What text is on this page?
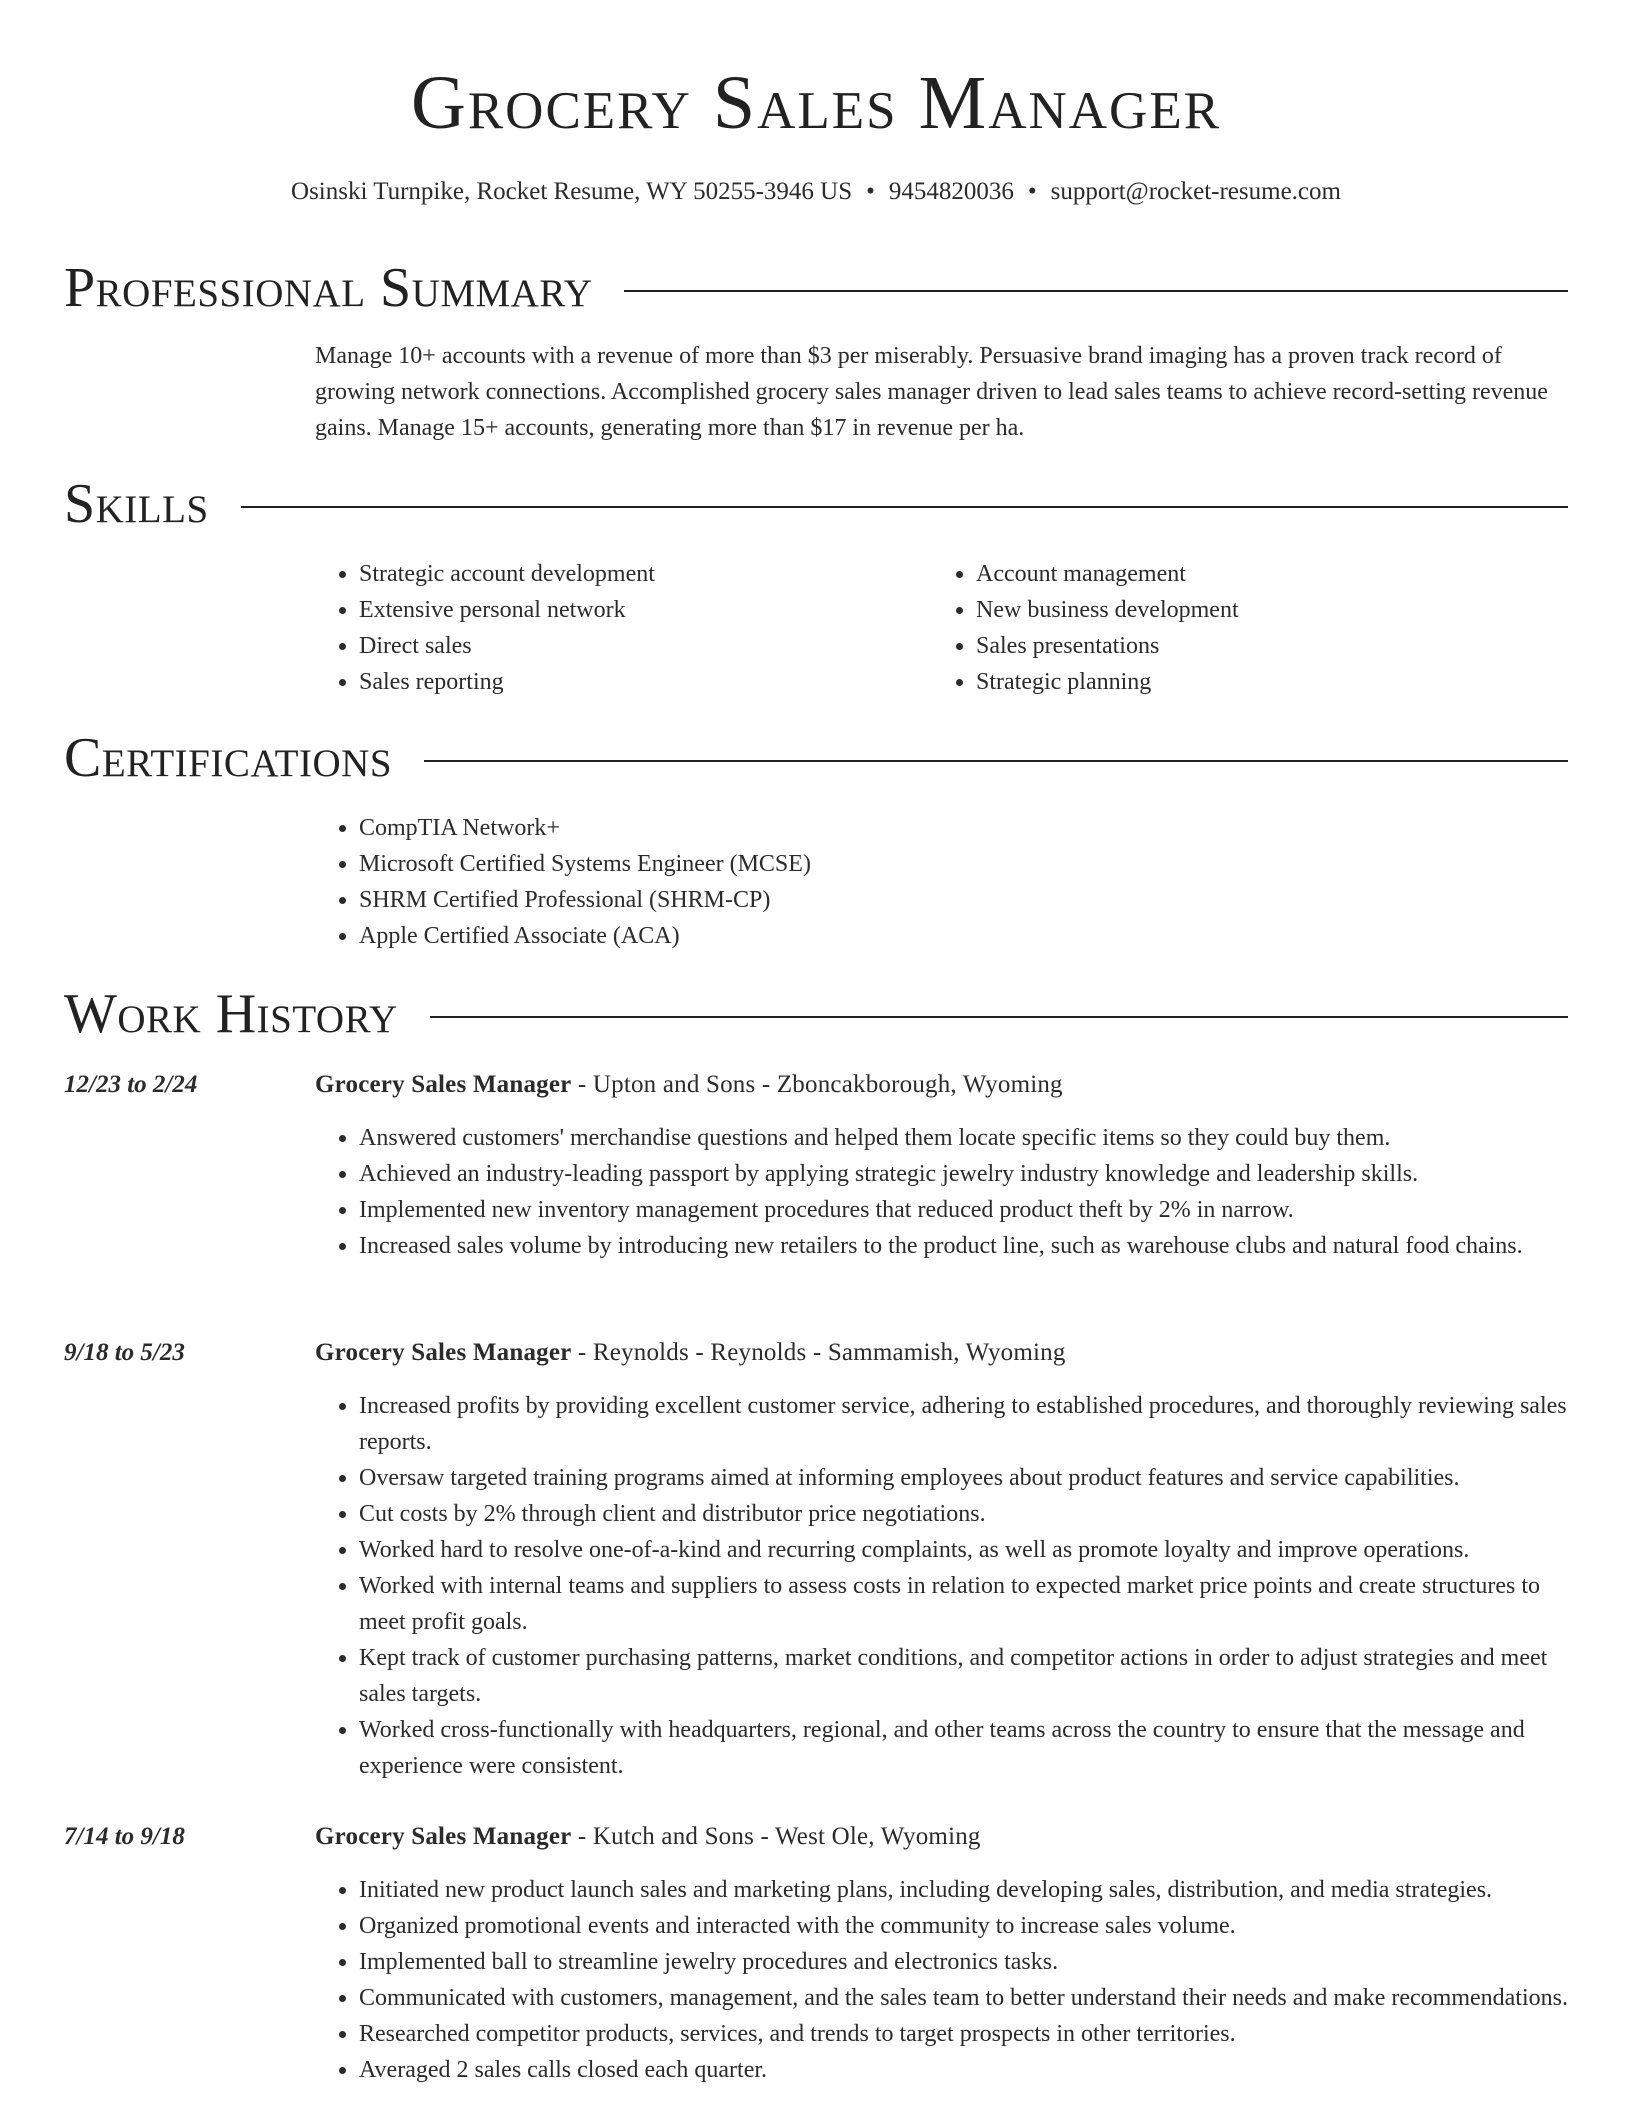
Grocery Sales Manager
Osinski Turnpike, Rocket Resume, WY 50255-3946 US • 9454820036 • support@rocket-resume.com
Professional Summary

Manage 10+ accounts with a revenue of more than $3 per miserably. Persuasive brand imaging has a proven track record of growing network connections. Accomplished grocery sales manager driven to lead sales teams to achieve record-setting revenue gains. Manage 15+ accounts, generating more than $17 in revenue per ha.

Skills
• Strategic account development
• Extensive personal network
• Direct sales
• Sales reporting
• Account management
• New business development
• Sales presentations
• Strategic planning
Certifications
• CompTIA Network+
• Microsoft Certified Systems Engineer (MCSE)
• SHRM Certified Professional (SHRM-CP)
• Apple Certified Associate (ACA)
Work History
12/23 to 2/24	Grocery Sales Manager - Upton and Sons - Zboncakborough, Wyoming
• Answered customers' merchandise questions and helped them locate specific items so they could buy them.
• Achieved an industry-leading passport by applying strategic jewelry industry knowledge and leadership skills.
• Implemented new inventory management procedures that reduced product theft by 2% in narrow.
• Increased sales volume by introducing new retailers to the product line, such as warehouse clubs and natural food chains.
9/18 to 5/23	Grocery Sales Manager - Reynolds - Reynolds - Sammamish, Wyoming
• Increased profits by providing excellent customer service, adhering to established procedures, and thoroughly reviewing sales reports.
• Oversaw targeted training programs aimed at informing employees about product features and service capabilities.
• Cut costs by 2% through client and distributor price negotiations.
• Worked hard to resolve one-of-a-kind and recurring complaints, as well as promote loyalty and improve operations.
• Worked with internal teams and suppliers to assess costs in relation to expected market price points and create structures to meet profit goals.
• Kept track of customer purchasing patterns, market conditions, and competitor actions in order to adjust strategies and meet sales targets.
• Worked cross-functionally with headquarters, regional, and other teams across the country to ensure that the message and experience were consistent.
7/14 to 9/18	Grocery Sales Manager - Kutch and Sons - West Ole, Wyoming
• Initiated new product launch sales and marketing plans, including developing sales, distribution, and media strategies.
• Organized promotional events and interacted with the community to increase sales volume.
• Implemented ball to streamline jewelry procedures and electronics tasks.
• Communicated with customers, management, and the sales team to better understand their needs and make recommendations.
• Researched competitor products, services, and trends to target prospects in other territories.
• Averaged 2 sales calls closed each quarter.
